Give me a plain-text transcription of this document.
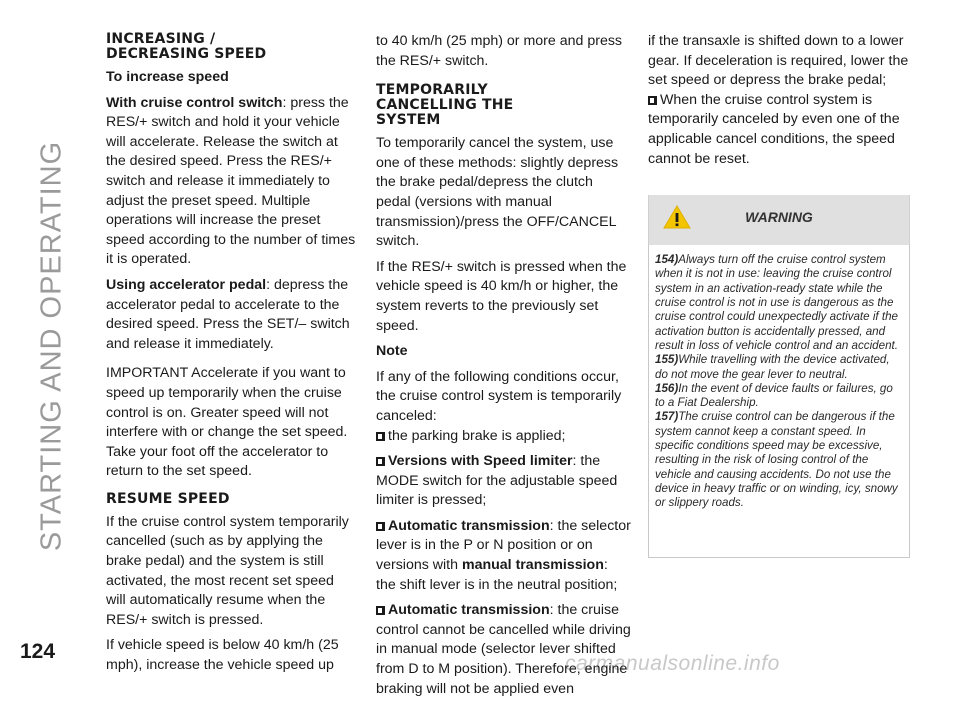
STARTING AND OPERATING
124
carmanualsonline.info
INCREASING /
DECREASING SPEED

To increase speed

With cruise control switch: press the RES/+ switch and hold it your vehicle will accelerate. Release the switch at the desired speed. Press the RES/+ switch and release it immediately to adjust the preset speed. Multiple operations will increase the preset speed according to the number of times it is operated.

Using accelerator pedal: depress the accelerator pedal to accelerate to the desired speed. Press the SET/– switch and release it immediately.

IMPORTANT Accelerate if you want to speed up temporarily when the cruise control is on. Greater speed will not interfere with or change the set speed. Take your foot off the accelerator to return to the set speed.

RESUME SPEED

If the cruise control system temporarily cancelled (such as by applying the brake pedal) and the system is still activated, the most recent set speed will automatically resume when the RES/+ switch is pressed.

If vehicle speed is below 40 km/h (25 mph), increase the vehicle speed up

to 40 km/h (25 mph) or more and press the RES/+ switch.

TEMPORARILY
CANCELLING THE
SYSTEM

To temporarily cancel the system, use one of these methods: slightly depress the brake pedal/depress the clutch pedal (versions with manual transmission)/press the OFF/CANCEL switch.

If the RES/+ switch is pressed when the vehicle speed is 40 km/h or higher, the system reverts to the previously set speed.

Note

If any of the following conditions occur, the cruise control system is temporarily canceled:

the parking brake is applied;

Versions with Speed limiter: the MODE switch for the adjustable speed limiter is pressed;

Automatic transmission: the selector lever is in the P or N position or on versions with manual transmission: the shift lever is in the neutral position;

Automatic transmission: the cruise control cannot be cancelled while driving in manual mode (selector lever shifted from D to M position). Therefore, engine braking will not be applied even

if the transaxle is shifted down to a lower gear. If deceleration is required, lower the set speed or depress the brake pedal;

When the cruise control system is temporarily canceled by even one of the applicable cancel conditions, the speed cannot be reset.

WARNING

154)Always turn off the cruise control system when it is not in use: leaving the cruise control system in an activation-ready state while the cruise control is not in use is dangerous as the cruise control could unexpectedly activate if the activation button is accidentally pressed, and result in loss of vehicle control and an accident.

155)While travelling with the device activated, do not move the gear lever to neutral.

156)In the event of device faults or failures, go to a Fiat Dealership.

157)The cruise control can be dangerous if the system cannot keep a constant speed. In specific conditions speed may be excessive, resulting in the risk of losing control of the vehicle and causing accidents. Do not use the device in heavy traffic or on winding, icy, snowy or slippery roads.
